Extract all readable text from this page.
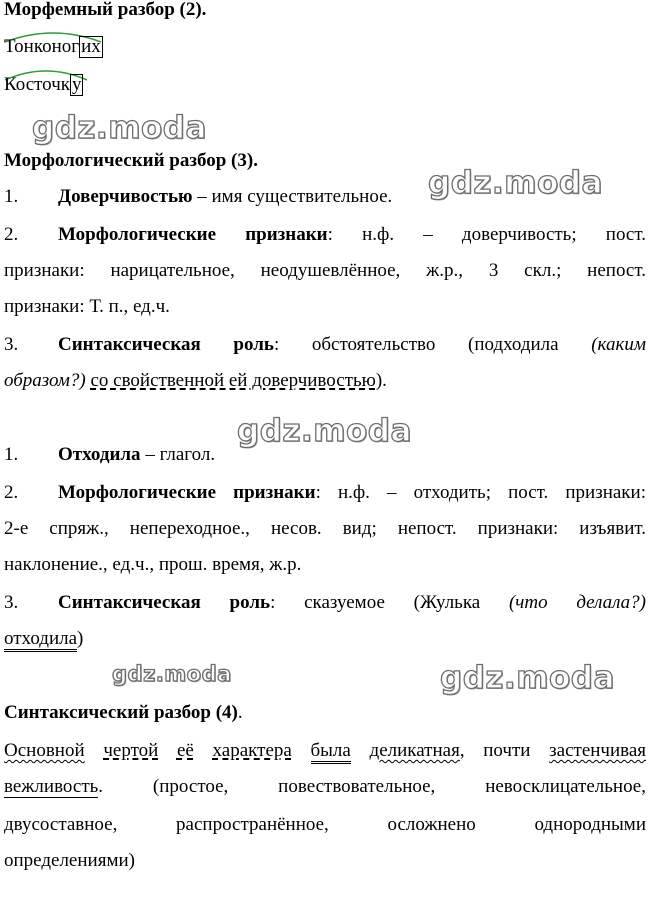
Морфемный разбор (2).
Тонконог их
Косточк у
gdz.moda
gdz.moda
gdz.moda
gdz.moda	gdz.moda
Морфологический разбор (3).
1. Доверчивостью – имя существительное.
2. Морфологические признаки: н.ф. – доверчивость; пост.
признаки: нарицательное, неодушевлённое, ж.р., 3 скл.; непост.
признаки: Т. п., ед.ч.
3. Синтаксическая роль: обстоятельство (подходила (каким
образом?) со свойственной ей доверчивостью).
1. Отходила – глагол.
2. Морфологические признаки: н.ф. – отходить; пост. признаки:
2-е спряж., непереходное., несов. вид; непост. признаки: изъявит.
наклонение., ед.ч., прош. время, ж.р.
3. Синтаксическая роль: сказуемое (Жулька (что делала?)
отходила)
Синтаксический разбор (4).
Основной чертой её характера была деликатная, почти застенчивая
вежливость.	(простое,	повествовательное,	невосклицательное,
двусоставное,	распространённое,	осложнено	однородными
определениями)
